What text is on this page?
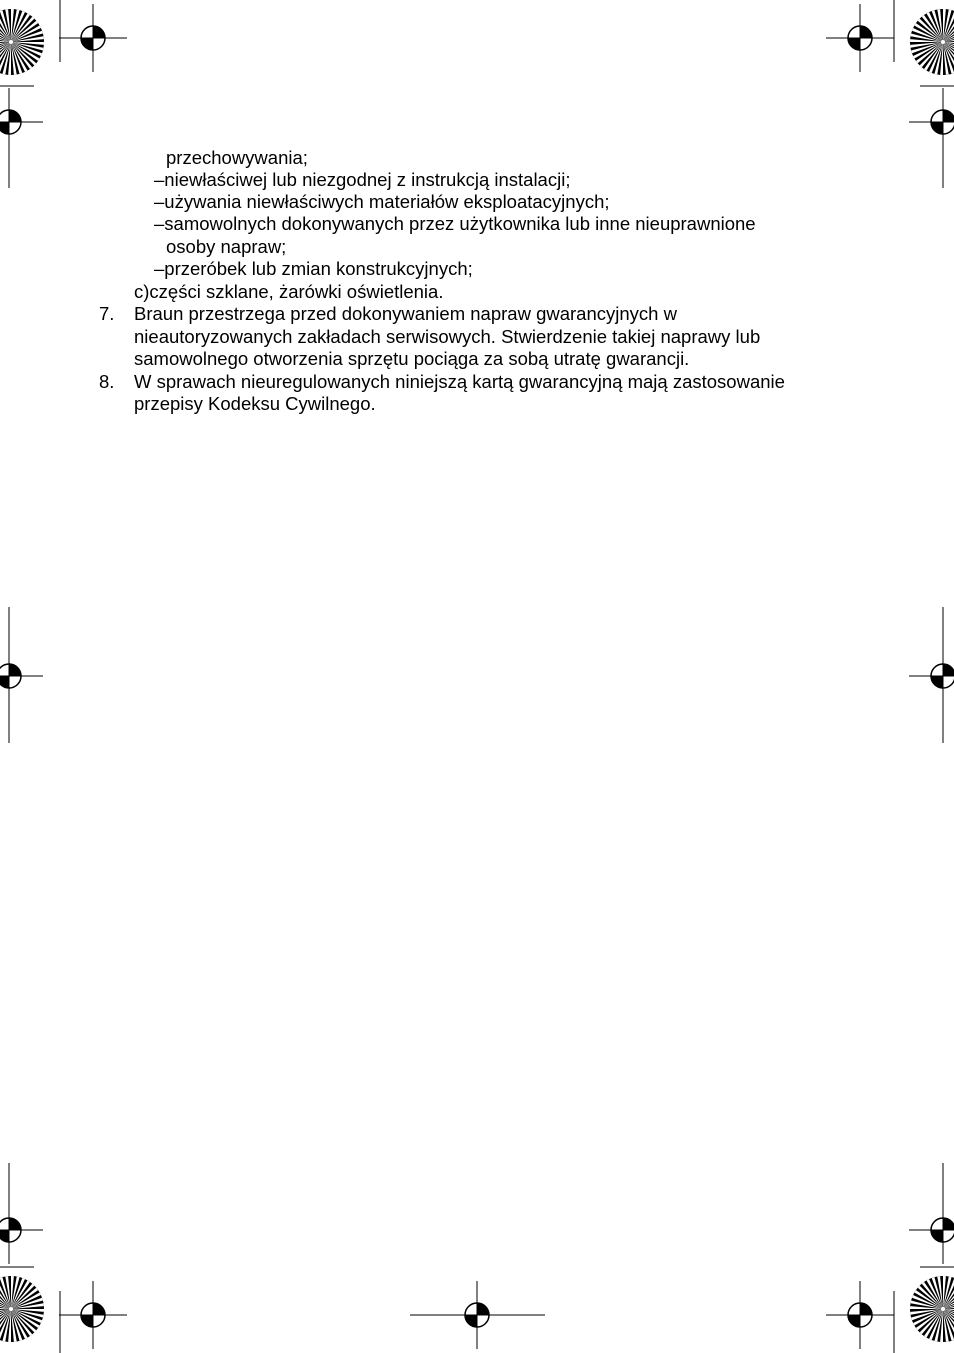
przechowywania;
–niewłaściwej lub niezgodnej z instrukcją instalacji;
–używania niewłaściwych materiałów eksploatacyjnych;
–samowolnych dokonywanych przez użytkownika lub inne nieuprawnione
osoby napraw;
–przeróbek lub zmian konstrukcyjnych;
c)części szklane, żarówki oświetlenia.
7. Braun przestrzega przed dokonywaniem napraw gwarancyjnych w
nieautoryzowanych zakładach serwisowych. Stwierdzenie takiej naprawy lub
samowolnego otworzenia sprzętu pociąga za sobą utratę gwarancji.
8. W sprawach nieuregulowanych niniejszą kartą gwarancyjną mają zastosowanie
przepisy Kodeksu Cywilnego.
